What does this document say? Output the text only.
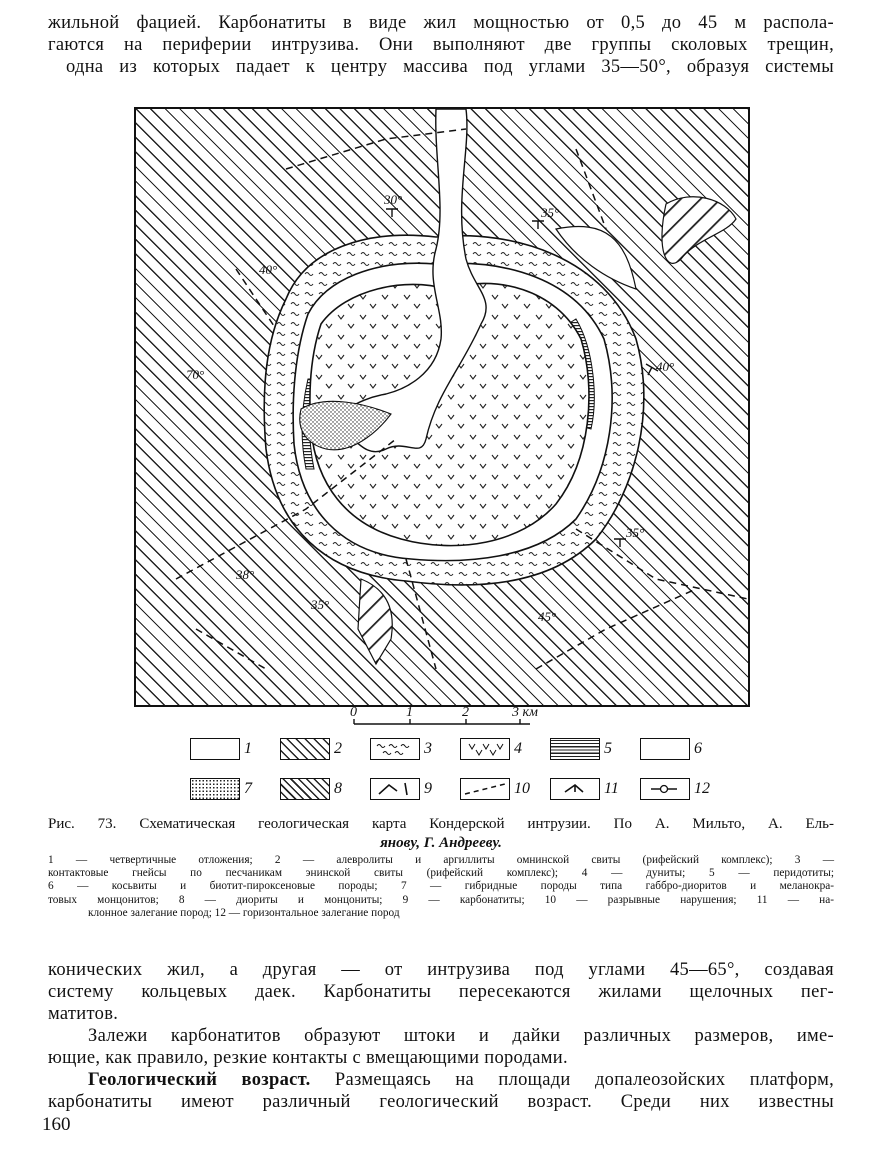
жильной фацией. Карбонатиты в виде жил мощностью от 0,5 до 45 м распола-
гаются на периферии интрузива. Они выполняют две группы сколовых трещин,
одна из которых падает к центру массива под углами 35—50°, образуя системы
30°
35°
40°
70°
40°
38°
35°
45°
35°
0	1	2	3 км
1	2	3	4	5	6
7	8	9	10	11	12
Рис. 73. Схематическая геологическая карта Кондерской интрузии. По А. Мильто, А. Ель-
янову, Г. Андрееву.
1 — четвертичные отложения; 2 — алевролиты и аргиллиты омнинской свиты (рифейский комплекс); 3 —
контактовые гнейсы по песчаникам энинской свиты (рифейский комплекс); 4 — дуниты; 5 — перидотиты;
6 — косьвиты и биотит-пироксеновые породы; 7 — гибридные породы типа габбро-диоритов и меланокра-
товых монцонитов; 8 — диориты и монцониты; 9 — карбонатиты; 10 — разрывные нарушения; 11 — на-
клонное залегание пород; 12 — горизонтальное залегание пород
конических жил, а другая — от интрузива под углами 45—65°, создавая
систему кольцевых даек. Карбонатиты пересекаются жилами щелочных пег-
матитов.
Залежи карбонатитов образуют штоки и дайки различных размеров, име-
ющие, как правило, резкие контакты с вмещающими породами.
Геологический возраст. Размещаясь на площади допалеозойских платформ,
карбонатиты имеют различный геологический возраст. Среди них известны
160
